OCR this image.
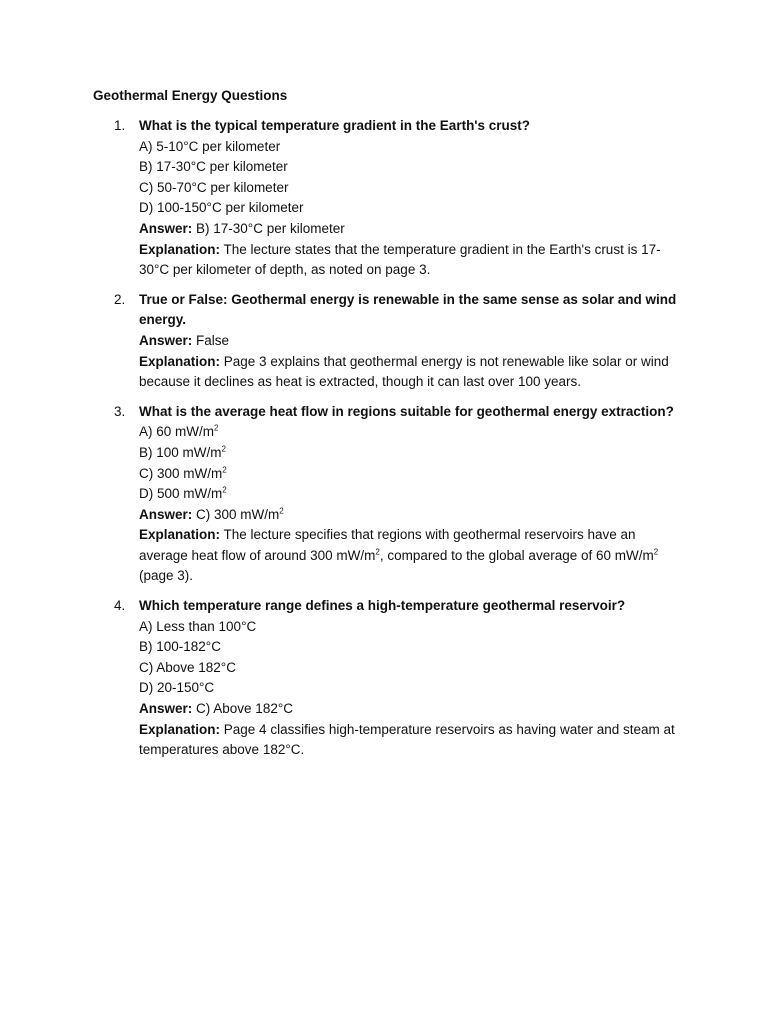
Geothermal Energy Questions

1.	What is the typical temperature gradient in the Earth's crust?
A) 5-10°C per kilometer
B) 17-30°C per kilometer
C) 50-70°C per kilometer
D) 100-150°C per kilometer
Answer: B) 17-30°C per kilometer
Explanation: The lecture states that the temperature gradient in the Earth's crust is 17-30°C per kilometer of depth, as noted on page 3.
2.	True or False: Geothermal energy is renewable in the same sense as solar and wind energy.
Answer: False
Explanation: Page 3 explains that geothermal energy is not renewable like solar or wind because it declines as heat is extracted, though it can last over 100 years.
3.	What is the average heat flow in regions suitable for geothermal energy extraction?
A) 60 $mW/m^2$
B) 100 $mW/m^2$
C) 300 $mW/m^2$
D) 500 $mW/m^2$
Answer: C) 300 $mW/m^2$
Explanation: The lecture specifies that regions with geothermal reservoirs have an average heat flow of around 300 $mW/m^2$, compared to the global average of 60 $mW/m^2$ (page 3).
4.	Which temperature range defines a high-temperature geothermal reservoir?
A) Less than 100°C
B) 100-182°C
C) Above 182°C
D) 20-150°C
Answer: C) Above 182°C
Explanation: Page 4 classifies high-temperature reservoirs as having water and steam at temperatures above 182°C.
